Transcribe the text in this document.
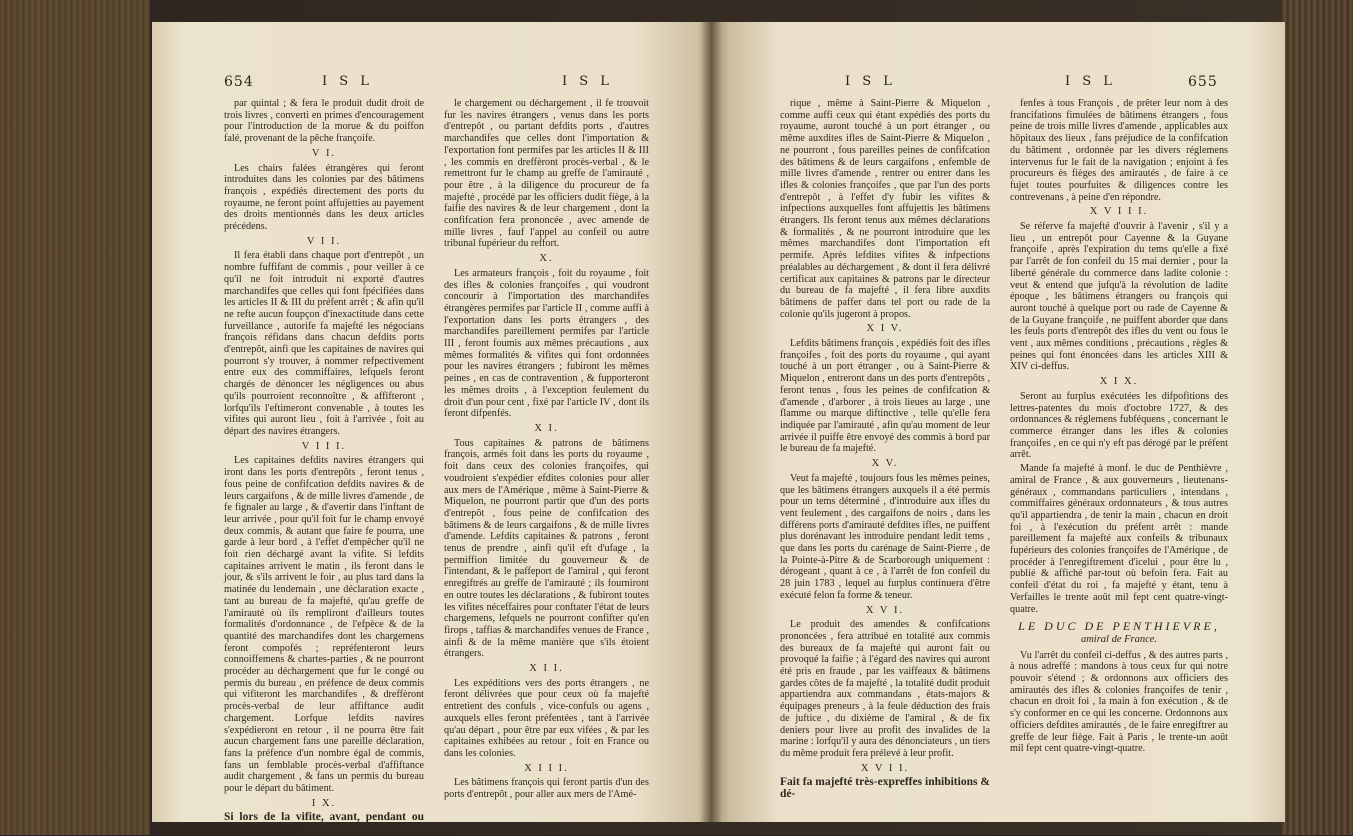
654	I S L	I S L

par quintal ; & fera le produit dudit droit de trois livres , converti en primes d'encouragement pour l'introduction de la morue & du poiffon falé, provenant de la pêche françoife.

V I.

Les chairs falées étrangères qui feront introduites dans les colonies par des bâtimens françois , expédiés directement des ports du royaume, ne feront point affujetties au payement des droits mentionnés dans les deux articles précédens.

V I I.

Il fera établi dans chaque port d'entrepôt , un nombre fuffifant de commis , pour veiller à ce qu'il ne foit introduit ni exporté d'autres marchandifes que celles qui font fpécifiées dans les articles II & III du préfent arrêt ; & afin qu'il ne refte aucun foupçon d'inexactitude dans cette furveillance , autorife fa majefté les négocians françois réfidans dans chacun defdits ports d'entrepôt, ainfi que les capitaines de navires qui pourront s'y trouver, à nommer refpectivement entre eux des commiffaires, lefquels feront chargés de dénoncer les négligences ou abus qu'ils pourroient reconnoître , & affifteront , lorfqu'ils l'eftimeront convenable , à toutes les vifites qui auront lieu , foit à l'arrivée , foit au départ des navires étrangers.

V I I I.

Les capitaines defdits navires étrangers qui iront dans les ports d'entrepôts , feront tenus , fous peine de confifcation defdits navires & de leurs cargaifons , & de mille livres d'amende , de fe fignaler au large , & d'avertir dans l'inftant de leur arrivée , pour qu'il foit fur le champ envoyé deux commis, & autant que faire fe pourra, une garde à leur bord , à l'effet d'empêcher qu'il ne foit rien déchargé avant la vifite. Si lefdits capitaines arrivent le matin , ils feront dans le jour, & s'ils arrivent le foir , au plus tard dans la matinée du lendemain , une déclaration exacte , tant au bureau de fa majefté, qu'au greffe de l'amirauté où ils rempliront d'ailleurs toutes formalités d'ordonnance , de l'efpèce & de la quantité des marchandifes dont les chargemens feront compofés ; repréfenteront leurs connoiffemens & chartes-parties , & ne pourront procéder au déchargement que fur le congé ou permis du bureau , en préfence de deux commis qui vifiteront les marchandifes , & dreffèront procès-verbal de leur affiftance audit chargement. Lorfque lefdits navires s'expédieront en retour , il ne pourra être fait aucun chargement fans une pareille déclaration, fans la préfence d'un nombre égal de commis, fans un femblable procès-verbal d'affiftance audit chargement , & fans un permis du bureau pour le départ du bâtiment.

I X.
Si lors de la vifite, avant, pendant ou après

le chargement ou déchargement , il fe trouvoit fur les navires étrangers , venus dans les ports d'entrepôt , ou partant defdits ports , d'autres marchandifes que celles dont l'importation & l'exportation font permifes par les articles II & III , les commis en dreffèront procès-verbal , & le remettront fur le champ au greffe de l'amirauté , pour être , à la diligence du procureur de fa majefté , procédé par les officiers dudit fiège, à la faifie des navires & de leur chargement , dont la confifcation fera prononcée , avec amende de mille livres , fauf l'appel au confeil ou autre tribunal fupérieur du reffort.

X.

Les armateurs françois , foit du royaume , foit des ifles & colonies françoifes , qui voudront concourir à l'importation des marchandifes étrangères permifes par l'article II , comme auffi à l'exportation dans les ports étrangers , des marchandifes pareillement permifes par l'article III , feront foumis aux mêmes précautions , aux mêmes formalités & vifites qui font ordonnées pour les navires étrangers ; fubiront les mêmes peines , en cas de contravention , & fupporteront les mêmes droits , à l'exception feulement du droit d'un pour cent , fixé par l'article IV , dont ils feront difpenfés.

X I.

Tous capitaines & patrons de bâtimens françois, armés foit dans les ports du royaume , foit dans ceux des colonies françoifes, qui voudroient s'expédier efdites colonies pour aller aux mers de l'Amérique , même à Saint-Pierre & Miquelon, ne pourront partir que d'un des ports d'entrepôt , fous peine de confifcation des bâtimens & de leurs cargaifons , & de mille livres d'amende. Lefdits capitaines & patrons , feront tenus de prendre , ainfi qu'il eft d'ufage , la permiffion limitée du gouverneur & de l'intendant, & le paffeport de l'amiral , qui feront enregiftrés au greffe de l'amirauté ; ils fourniront en outre toutes les déclarations , & fubiront toutes les vifites néceffaires pour conftater l'état de leurs chargemens, lefquels ne pourront confifter qu'en firops , taffias & marchandifes venues de France , ainfi & de la même manière que s'ils étoient étrangers.

X I I.

Les expéditions vers des ports étrangers , ne feront délivrées que pour ceux où fa majefté entretient des confuls , vice-confuls ou agens , auxquels elles feront préfentées , tant à l'arrivée qu'au départ , pour être par eux vifées , & par les capitaines exhibées au retour , foit en France ou dans les colonies.

X I I I.

Les bâtimens françois qui feront partis d'un des ports d'entrepôt , pour aller aux mers de l'Amé-

I S L	I S L	655

rique , même à Saint-Pierre & Miquelon , comme auffi ceux qui étant expédiés des ports du royaume, auront touché à un port étranger , ou même auxdites ifles de Saint-Pierre & Miquelon , ne pourront , fous pareilles peines de confifcation des bâtimens & de leurs cargaifons , enfemble de mille livres d'amende , rentrer ou entrer dans les ifles & colonies françoifes , que par l'un des ports d'entrepôt , à l'effet d'y fubir les vifites & infpections auxquelles font affujettis les bâtimens étrangers. Ils feront tenus aux mêmes déclarations & formalités , & ne pourront introduire que les mêmes marchandifes dont l'importation eft permife. Après lefdites vifites & infpections préalables au déchargement , & dont il fera délivré certificat aux capitaines & patrons par le directeur du bureau de fa majefté , il fera libre auxdits bâtimens de paffer dans tel port ou rade de la colonie qu'ils jugeront à propos.

X I V.

Lefdits bâtimens françois , expédiés foit des ifles françoifes , foit des ports du royaume , qui ayant touché à un port étranger , ou à Saint-Pierre & Miquelon , entreront dans un des ports d'entrepôts , feront tenus , fous les peines de confifcation & d'amende , d'arborer , à trois lieues au large , une flamme ou marque diftinctive , telle qu'elle fera indiquée par l'amirauté , afin qu'au moment de leur arrivée il puiffe être envoyé des commis à bord par le bureau de fa majefté.

X V.

Veut fa majefté , toujours fous les mêmes peines, que les bâtimens étrangers auxquels il a été permis pour un tems déterminé , d'introduire aux ifles du vent feulement , des cargaifons de noirs , dans les différens ports d'amirauté defdites ifles, ne puiffent plus dorénavant les introduire pendant ledit tems , que dans les ports du carénage de Saint-Pierre , de la Pointe-à-Pitre & de Scarborough uniquement : dérogeant , quant à ce , à l'arrêt de fon confeil du 28 juin 1783 , lequel au furplus continuera d'être exécuté felon fa forme & teneur.

X V I.

Le produit des amendes & confifcations prononcées , fera attribué en totalité aux commis des bureaux de fa majefté qui auront fait ou provoqué la faifie ; à l'égard des navires qui auront été pris en fraude , par les vaiffeaux & bâtimens gardes côtes de fa majefté , la totalité dudit produit appartiendra aux commandans , états-majors & équipages preneurs , à la feule déduction des frais de juftice , du dixième de l'amiral , & de fix deniers pour livre au profit des invalides de la marine : lorfqu'il y aura des dénonciateurs , un tiers du même produit fera prélevé à leur profit.

X V I I.
Fait fa majefté très-expreffes inhibitions & dé-

fenfes à tous François , de prêter leur nom à des francifations fimulées de bâtimens étrangers , fous peine de trois mille livres d'amende , applicables aux hôpitaux des lieux , fans préjudice de la confifcation du bâtiment , ordonnée par les divers réglemens intervenus fur le fait de la navigation ; enjoint à fes procureurs ès fièges des amirautés , de faire à ce fujet toutes pourfuites & diligences contre les contrevenans , à peine d'en répondre.

X V I I I.

Se réferve fa majefté d'ouvrir à l'avenir , s'il y a lieu , un entrepôt pour Cayenne & la Guyane françoife , après l'expiration du tems qu'elle a fixé par l'arrêt de fon confeil du 15 mai dernier , pour la liberté générale du commerce dans ladite colonie : veut & entend que jufqu'à la révolution de ladite époque , les bâtimens étrangers ou françois qui auront touché à quelque port ou rade de Cayenne & de la Guyane françoife , ne puiffent aborder que dans les feuls ports d'entrepôt des ifles du vent ou fous le vent , aux mêmes conditions , précautions , règles & peines qui font énoncées dans les articles XIII & XIV ci-deffus.

X I X.

Seront au furplus exécutées les difpofitions des lettres-patentes du mois d'octobre 1727, & des ordonnances & réglemens fubféquens , concernant le commerce étranger dans les ifles & colonies françoifes , en ce qui n'y eft pas dérogé par le préfent arrêt.

Mande fa majefté à monf. le duc de Penthièvre , amiral de France , & aux gouverneurs , lieutenans-généraux , commandans particuliers , intendans , commiffaires généraux ordonnateurs , & tous autres qu'il appartiendra , de tenir la main , chacun en droit foi , à l'exécution du préfent arrêt : mande pareillement fa majefté aux confeils & tribunaux fupérieurs des colonies françoifes de l'Amérique , de procéder à l'enregiftrement d'icelui , pour être lu , publié & affiché par-tout où befoin fera. Fait au confeil d'état du roi , fa majefté y étant, tenu à Verfailles le trente août mil fept cent quatre-vingt-quatre.

LE DUC DE PENTHIEVRE,
amiral de France.

Vu l'arrêt du confeil ci-deffus , & des autres parts , à nous adreffé : mandons à tous ceux fur qui notre pouvoir s'étend ; & ordonnons aux officiers des amirautés des ifles & colonies françoifes de tenir , chacun en droit foi , la main à fon exécution , & de s'y conformer en ce qui les concerne. Ordonnons aux officiers defdites amirautés , de le faire enregiftrer au greffe de leur fiège. Fait à Paris , le trente-un août mil fept cent quatre-vingt-quatre.
